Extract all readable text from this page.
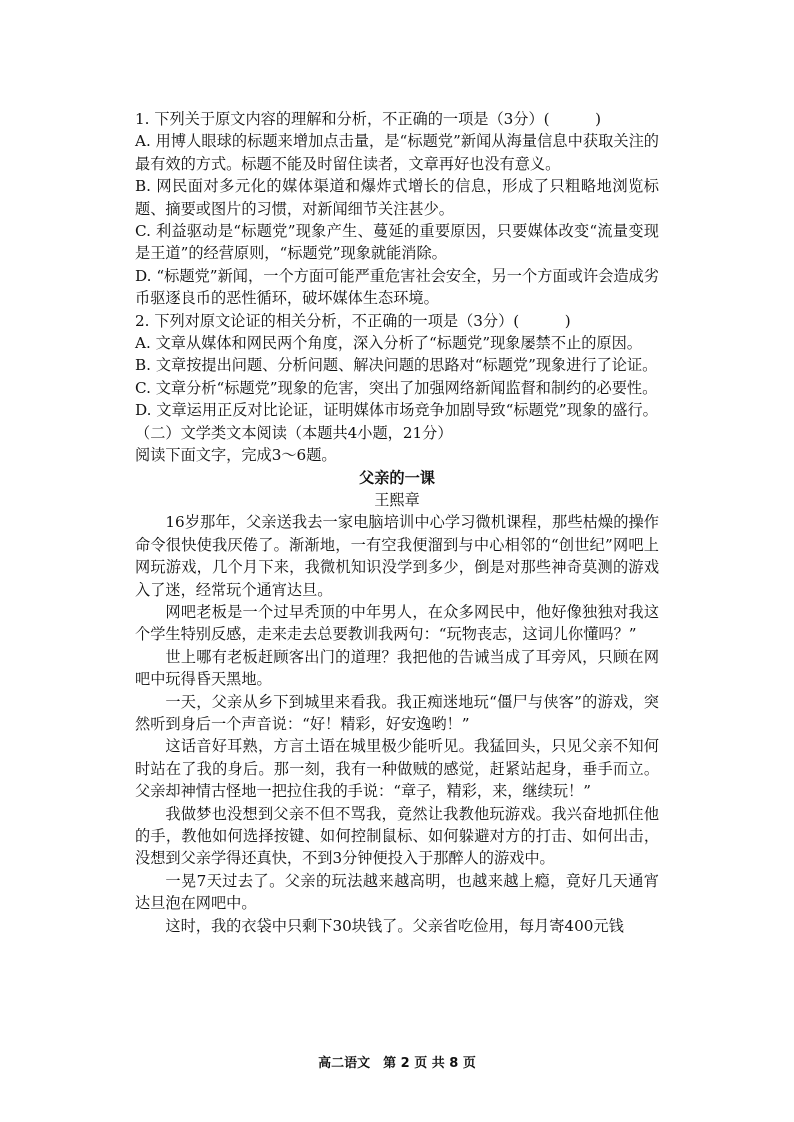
1. 下列关于原文内容的理解和分析，不正确的一项是（3分）(　　　)

A. 用博人眼球的标题来增加点击量，是“标题党”新闻从海量信息中获取关注的最有效的方式。标题不能及时留住读者，文章再好也没有意义。

B. 网民面对多元化的媒体渠道和爆炸式增长的信息，形成了只粗略地浏览标题、摘要或图片的习惯，对新闻细节关注甚少。

C. 利益驱动是“标题党”现象产生、蔓延的重要原因，只要媒体改变“流量变现是王道”的经营原则，“标题党”现象就能消除。

D. “标题党”新闻，一个方面可能严重危害社会安全，另一个方面或许会造成劣币驱逐良币的恶性循环，破坏媒体生态环境。

2. 下列对原文论证的相关分析，不正确的一项是（3分）(　　　)

A. 文章从媒体和网民两个角度，深入分析了“标题党”现象屡禁不止的原因。

B. 文章按提出问题、分析问题、解决问题的思路对“标题党”现象进行了论证。

C. 文章分析“标题党”现象的危害，突出了加强网络新闻监督和制约的必要性。

D. 文章运用正反对比论证，证明媒体市场竞争加剧导致“标题党”现象的盛行。

（二）文学类文本阅读（本题共4小题，21分）

阅读下面文字，完成3～6题。

父亲的一课

王熙章

16岁那年，父亲送我去一家电脑培训中心学习微机课程，那些枯燥的操作命令很快使我厌倦了。渐渐地，一有空我便溜到与中心相邻的“创世纪”网吧上网玩游戏，几个月下来，我微机知识没学到多少，倒是对那些神奇莫测的游戏入了迷，经常玩个通宵达旦。

网吧老板是一个过早秃顶的中年男人，在众多网民中，他好像独独对我这个学生特别反感，走来走去总要教训我两句：“玩物丧志，这词儿你懂吗？”

世上哪有老板赶顾客出门的道理？我把他的告诫当成了耳旁风，只顾在网吧中玩得昏天黑地。

一天，父亲从乡下到城里来看我。我正痴迷地玩“僵尸与侠客”的游戏，突然听到身后一个声音说：“好！精彩，好安逸哟！”

这话音好耳熟，方言土语在城里极少能听见。我猛回头，只见父亲不知何时站在了我的身后。那一刻，我有一种做贼的感觉，赶紧站起身，垂手而立。父亲却神情古怪地一把拉住我的手说：“章子，精彩，来，继续玩！”

我做梦也没想到父亲不但不骂我，竟然让我教他玩游戏。我兴奋地抓住他的手，教他如何选择按键、如何控制鼠标、如何躲避对方的打击、如何出击，没想到父亲学得还真快，不到3分钟便投入于那醉人的游戏中。

一晃7天过去了。父亲的玩法越来越高明，也越来越上瘾，竟好几天通宵达旦泡在网吧中。

这时，我的衣袋中只剩下30块钱了。父亲省吃俭用，每月寄400元钱

高二语文　第 2 页 共 8 页
